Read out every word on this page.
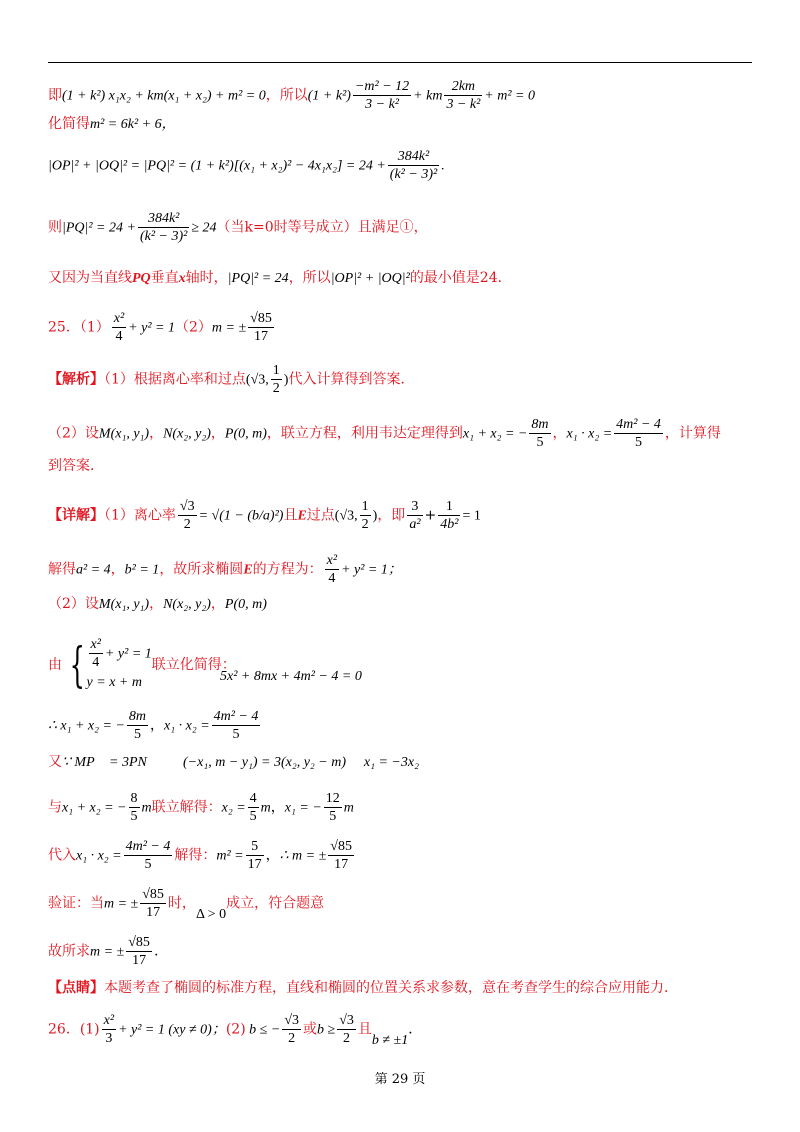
即(1 + k²) x₁x₂ + km(x₁ + x₂) + m² = 0，所以$(1 + k^2) \frac{\text{−m² − 12}}{\text{3 − k²}}$ + km $\frac{2km}{\text{3 − k²}} + m^2 = 0$
化简得m² = 6k² + 6，
$|OP|^2 + |OQ|^2 = |PQ|^2 = (1 + k^2)[(x_1 + x_2)^2 - 4x_1x_2] = 24 + \frac{\text{384k²}}{\text{(k² − 3)²}}$ .
则$|PQ|^2 = 24 + \frac{\text{384k²}}{\text{(k² − 3)²}} \ge 24$（当k=0时等号成立）且满足①，
又因为当直线PQ垂直x轴时，|PQ|² = 24，所以|OP|² + |OQ|²的最小值是24．
25．$(1) \frac{\text{x²}}{4} + y^2 = 1(2)m$ = ± $\frac{√85}{17}$
【解析】（1）根据离心率和过点(√3, $\frac{1}{2}$ )代入计算得到答案．
（2）设M(x₁, y₁)，N(x₂, y₂)，P(0, m)，联立方程，利用韦达定理得到x₁ + x₂ = − $\frac{8m}{5}$ ，$x_1 \cdot x_2 = \frac{\text{4m² − 4}}{5}$ ，计算得
到答案．
【详解】（1）离心率 $\frac{√3}{2} = √(1 - (b/a)^2)$且E过点(√3, $\frac{1}{2}$ )，即 $\frac{3}{\text{a²}} + \frac{1}{\text{4b²}} = 1$
解得a² = 4，b² = 1，故所求椭圆E的方程为： $\frac{\text{x²}}{4} + y^2 = 1$；
（2）设M(x₁, y₁)，N(x₂, y₂)，P(0, m)
由 { $\frac{\text{x²}}{4} + y^2 = 1$
y = x + m
联立化简得：
5x² + 8mx + 4m² − 4 = 0
∴ x₁ + x₂ = − $\frac{8m}{5}$ ，$x_1 \cdot x_2 = \frac{\text{4m² − 4}}{5}$
又∵ MP⃗ = 3PN⃗，∴ (−x₁, m − y₁) = 3(x₂, y₂ − m) ∴ x₁ = −3x₂
与x₁ + x₂ = − $\frac{8}{5}$ m联立解得：$x_2 = \frac{4}{5}$ m，x₁ = − $\frac{12}{5}$ m
代入$x_1 \cdot x_2 = \frac{\text{4m² − 4}}{5}$ 解得：$m^2 = \frac{5}{17}$ ，∴ m = ± $\frac{√85}{17}$
验证：当m = ± $\frac{√85}{17}$ 时，Δ > 0成立，符合题意
故所求m = ± $\frac{√85}{17}$ .
【点睛】本题考查了椭圆的标准方程，直线和椭圆的位置关系求参数，意在考查学生的综合应用能力．
26．$(1) \frac{\text{x²}}{3} + y^2 = 1$ (xy ≠ 0)；(2) b ≤ − $\frac{√3}{2}$ 或$b \ge \frac{√3}{2}$ 且b ≠ ±1．
第 29 页
